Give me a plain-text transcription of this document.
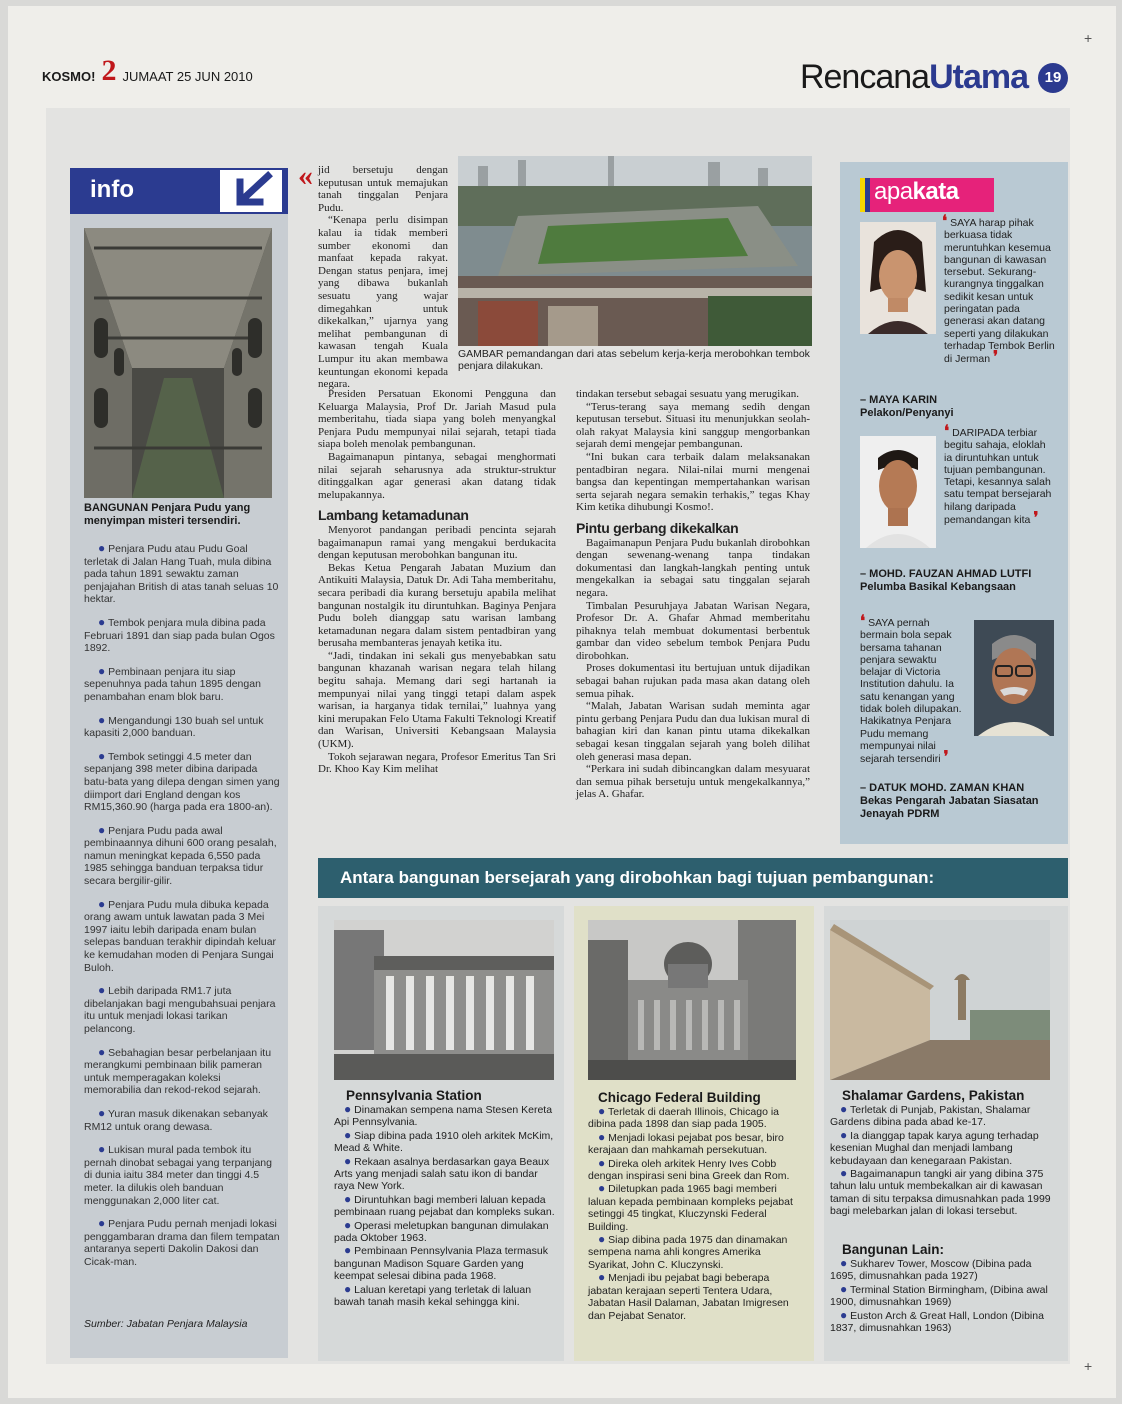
+
+
KOSMO! 2 JUMAAT 25 JUN 2010	RencanaUtama	19
info
BANGUNAN Penjara Pudu yang menyimpan misteri tersendiri.

● Penjara Pudu atau Pudu Goal terletak di Jalan Hang Tuah, mula dibina pada tahun 1891 sewaktu zaman penjajahan British di atas tanah seluas 10 hektar.

● Tembok penjara mula dibina pada Februari 1891 dan siap pada bulan Ogos 1892.

● Pembinaan penjara itu siap sepenuhnya pada tahun 1895 dengan penambahan enam blok baru.

● Mengandungi 130 buah sel untuk kapasiti 2,000 banduan.

● Tembok setinggi 4.5 meter dan sepanjang 398 meter dibina daripada batu-bata yang dilepa dengan simen yang diimport dari England dengan kos RM15,360.90 (harga pada era 1800-an).

● Penjara Pudu pada awal pembinaannya dihuni 600 orang pesalah, namun meningkat kepada 6,550 pada 1985 sehingga banduan terpaksa tidur secara bergilir-gilir.

● Penjara Pudu mula dibuka kepada orang awam untuk lawatan pada 3 Mei 1997 iaitu lebih daripada enam bulan selepas banduan terakhir dipindah keluar ke kemudahan moden di Penjara Sungai Buloh.

● Lebih daripada RM1.7 juta dibelanjakan bagi mengubahsuai penjara itu untuk menjadi lokasi tarikan pelancong.

● Sebahagian besar perbelanjaan itu merangkumi pembinaan bilik pameran untuk memperagakan koleksi memorabilia dan rekod-rekod sejarah.

● Yuran masuk dikenakan sebanyak RM12 untuk orang dewasa.

● Lukisan mural pada tembok itu pernah dinobat sebagai yang terpanjang di dunia iaitu 384 meter dan tinggi 4.5 meter. Ia dilukis oleh banduan menggunakan 2,000 liter cat.

● Penjara Pudu pernah menjadi lokasi penggambaran drama dan filem tempatan antaranya seperti Dakolin Dakosi dan Cicak-man.

Sumber: Jabatan Penjara Malaysia
« jid bersetuju dengan keputusan untuk memajukan tanah tinggalan Penjara Pudu.

“Kenapa perlu disimpan kalau ia tidak memberi sumber ekonomi dan manfaat kepada rakyat. Dengan status penjara, imej yang dibawa bukanlah sesuatu yang wajar dimegahkan untuk dikekalkan,” ujarnya yang melihat pembangunan di kawasan tengah Kuala Lumpur itu akan membawa keuntungan ekonomi kepada negara.

GAMBAR pemandangan dari atas sebelum kerja-kerja merobohkan tembok penjara dilakukan.

Presiden Persatuan Ekonomi Pengguna dan Keluarga Malaysia, Prof Dr. Jariah Masud pula memberitahu, tiada siapa yang boleh menyangkal Penjara Pudu mempunyai nilai sejarah, tetapi tiada siapa boleh menolak pembangunan.

Bagaimanapun pintanya, sebagai menghormati nilai sejarah seharusnya ada struktur-struktur ditinggalkan agar generasi akan datang tidak melupakannya.

Lambang ketamadunan

Menyorot pandangan peribadi pencinta sejarah bagaimanapun ramai yang mengakui berdukacita dengan keputusan merobohkan bangunan itu.

Bekas Ketua Pengarah Jabatan Muzium dan Antikuiti Malaysia, Datuk Dr. Adi Taha memberitahu, secara peribadi dia kurang bersetuju apabila melihat bangunan nostalgik itu diruntuhkan. Baginya Penjara Pudu boleh dianggap satu warisan lambang ketamadunan negara dalam sistem pentadbiran yang berusaha membanteras jenayah ketika itu.

“Jadi, tindakan ini sekali gus menyebabkan satu bangunan khazanah warisan negara telah hilang begitu sahaja. Memang dari segi hartanah ia mempunyai nilai yang tinggi tetapi dalam aspek warisan, ia harganya tidak ternilai,” luahnya yang kini merupakan Felo Utama Fakulti Teknologi Kreatif dan Warisan, Universiti Kebangsaan Malaysia (UKM).

Tokoh sejarawan negara, Profesor Emeritus Tan Sri Dr. Khoo Kay Kim melihat

tindakan tersebut sebagai sesuatu yang merugikan.

“Terus-terang saya memang sedih dengan keputusan tersebut. Situasi itu menunjukkan seolah-olah rakyat Malaysia kini sanggup mengorbankan sejarah demi mengejar pembangunan.

“Ini bukan cara terbaik dalam melaksanakan pentadbiran negara. Nilai-nilai murni mengenai bangsa dan kepentingan mempertahankan warisan serta sejarah negara semakin terhakis,” tegas Khay Kim ketika dihubungi Kosmo!.

Pintu gerbang dikekalkan

Bagaimanapun Penjara Pudu bukanlah dirobohkan dengan sewenang-wenang tanpa tindakan dokumentasi dan langkah-langkah penting untuk mengekalkan ia sebagai satu tinggalan sejarah negara.

Timbalan Pesuruhjaya Jabatan Warisan Negara, Profesor Dr. A. Ghafar Ahmad memberitahu pihaknya telah membuat dokumentasi berbentuk gambar dan video sebelum tembok Penjara Pudu dirobohkan.

Proses dokumentasi itu bertujuan untuk dijadikan sebagai bahan rujukan pada masa akan datang oleh semua pihak.

“Malah, Jabatan Warisan sudah meminta agar pintu gerbang Penjara Pudu dan dua lukisan mural di bahagian kiri dan kanan pintu utama dikekalkan sebagai kesan tinggalan sejarah yang boleh dilihat oleh generasi masa depan.

“Perkara ini sudah dibincangkan dalam mesyuarat dan semua pihak bersetuju untuk mengekalkannya,” jelas A. Ghafar.

apakata
❛ SAYA harap pihak berkuasa tidak meruntuhkan kesemua bangunan di kawasan tersebut. Sekurang-kurangnya tinggalkan sedikit kesan untuk peringatan pada generasi akan datang seperti yang dilakukan terhadap Tembok Berlin di Jerman ❜
– MAYA KARIN
Pelakon/Penyanyi
❛ DARIPADA terbiar begitu sahaja, eloklah ia diruntuhkan untuk tujuan pembangunan. Tetapi, kesannya salah satu tempat bersejarah hilang daripada pemandangan kita ❜
– MOHD. FAUZAN AHMAD LUTFI
Pelumba Basikal Kebangsaan
❛ SAYA pernah bermain bola sepak bersama tahanan penjara sewaktu belajar di Victoria Institution dahulu. Ia satu kenangan yang tidak boleh dilupakan. Hakikatnya Penjara Pudu memang mempunyai nilai sejarah tersendiri ❜
– DATUK MOHD. ZAMAN KHAN
Bekas Pengarah Jabatan Siasatan Jenayah PDRM
Antara bangunan bersejarah yang dirobohkan bagi tujuan pembangunan:
Pennsylvania Station

● Dinamakan sempena nama Stesen Kereta Api Pennsylvania.

● Siap dibina pada 1910 oleh arkitek McKim, Mead & White.

● Rekaan asalnya berdasarkan gaya Beaux Arts yang menjadi salah satu ikon di bandar raya New York.

● Diruntuhkan bagi memberi laluan kepada pembinaan ruang pejabat dan kompleks sukan.

● Operasi meletupkan bangunan dimulakan pada Oktober 1963.

● Pembinaan Pennsylvania Plaza termasuk bangunan Madison Square Garden yang keempat selesai dibina pada 1968.

● Laluan keretapi yang terletak di laluan bawah tanah masih kekal sehingga kini.

Chicago Federal Building

● Terletak di daerah Illinois, Chicago ia dibina pada 1898 dan siap pada 1905.

● Menjadi lokasi pejabat pos besar, biro kerajaan dan mahkamah persekutuan.

● Direka oleh arkitek Henry Ives Cobb dengan inspirasi seni bina Greek dan Rom.

● Diletupkan pada 1965 bagi memberi laluan kepada pembinaan kompleks pejabat setinggi 45 tingkat, Kluczynski Federal Building.

● Siap dibina pada 1975 dan dinamakan sempena nama ahli kongres Amerika Syarikat, John C. Kluczynski.

● Menjadi ibu pejabat bagi beberapa jabatan kerajaan seperti Tentera Udara, Jabatan Hasil Dalaman, Jabatan Imigresen dan Pejabat Senator.

Shalamar Gardens, Pakistan

● Terletak di Punjab, Pakistan, Shalamar Gardens dibina pada abad ke-17.

● Ia dianggap tapak karya agung terhadap kesenian Mughal dan menjadi lambang kebudayaan dan kenegaraan Pakistan.

● Bagaimanapun tangki air yang dibina 375 tahun lalu untuk membekalkan air di kawasan taman di situ terpaksa dimusnahkan pada 1999 bagi melebarkan jalan di lokasi tersebut.

Bangunan Lain:

● Sukharev Tower, Moscow (Dibina pada 1695, dimusnahkan pada 1927)

● Terminal Station Birmingham, (Dibina awal 1900, dimusnahkan 1969)

● Euston Arch & Great Hall, London (Dibina 1837, dimusnahkan 1963)
